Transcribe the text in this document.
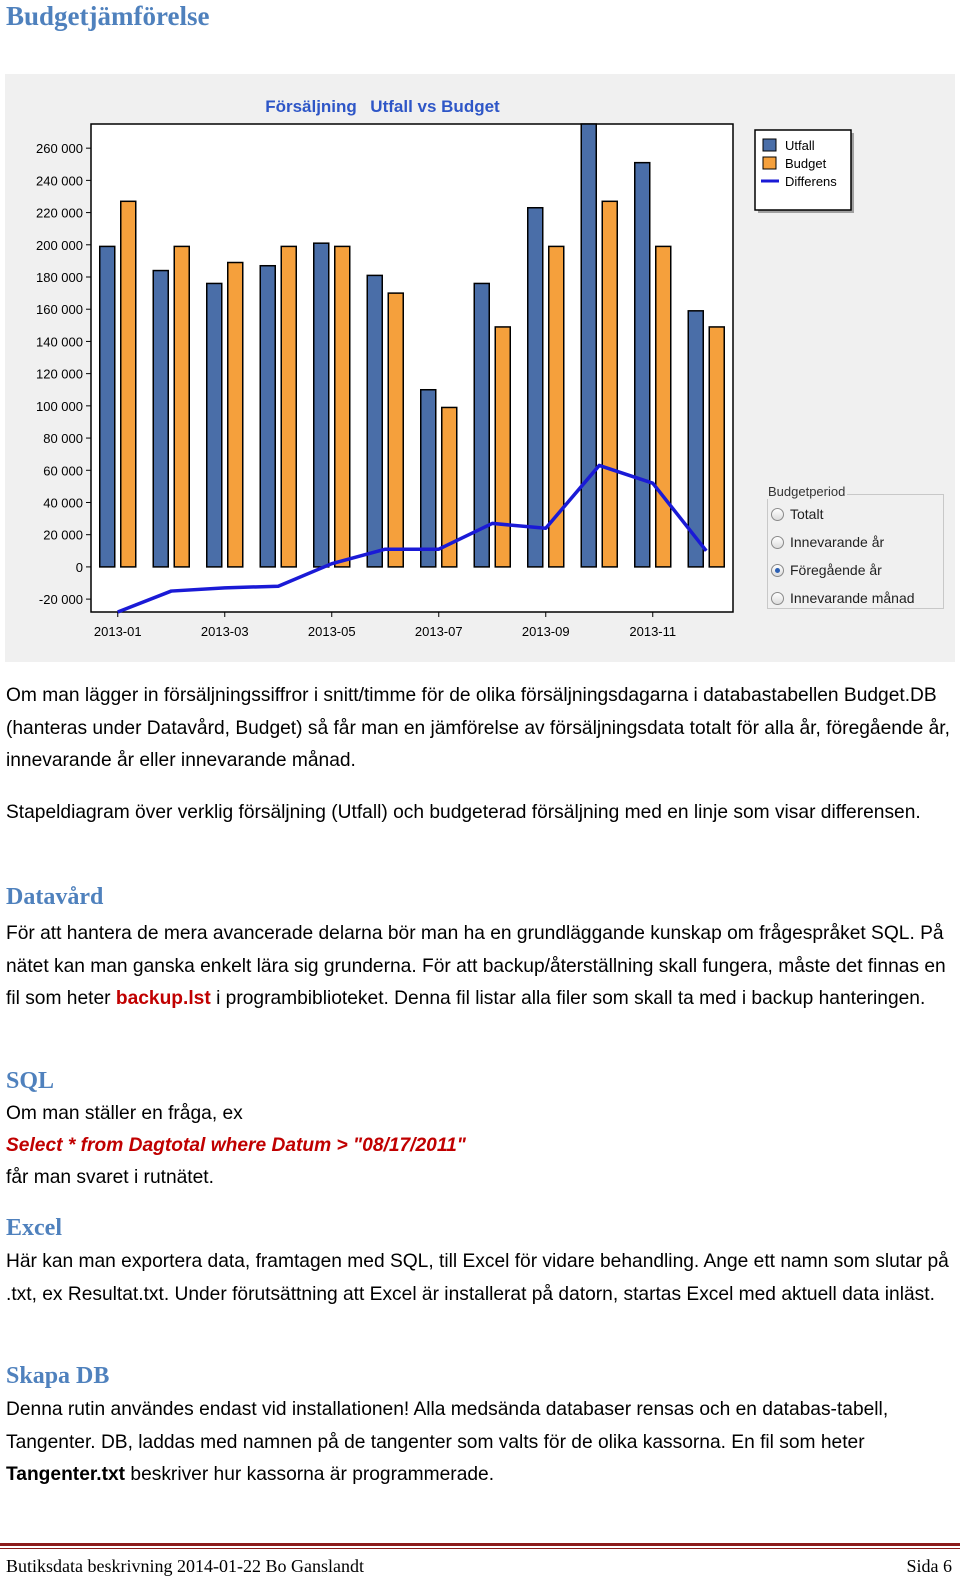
Budgetjämförelse
Försäljning Utfall vs Budget
-20 000
0
20 000
40 000
60 000
80 000
100 000
120 000
140 000
160 000
180 000
200 000
220 000
240 000
260 000
2013-01	2013-03	2013-05	2013-07	2013-09	2013-11
Utfall
Budget
Differens
Budgetperiod
Totalt
Innevarande år
Föregående år
Innevarande månad

Om man lägger in försäljningssiffror i snitt/timme för de olika försäljningsdagarna i databastabellen Budget.DB (hanteras under Datavård, Budget) så får man en jämförelse av försäljningsdata totalt för alla år, föregående år, innevarande år eller innevarande månad.

Stapeldiagram över verklig försäljning (Utfall) och budgeterad försäljning med en linje som visar differensen.

Datavård

För att hantera de mera avancerade delarna bör man ha en grundläggande kunskap om frågespråket SQL. På nätet kan man ganska enkelt lära sig grunderna. För att backup/återställning skall fungera, måste det finnas en fil som heter backup.lst i programbiblioteket. Denna fil listar alla filer som skall ta med i backup hanteringen.

SQL

Om man ställer en fråga, ex

Select * from Dagtotal where Datum > "08/17/2011"

får man svaret i rutnätet.

Excel

Här kan man exportera data, framtagen med SQL, till Excel för vidare behandling. Ange ett namn som slutar på .txt, ex Resultat.txt. Under förutsättning att Excel är installerat på datorn, startas Excel med aktuell data inläst.

Skapa DB

Denna rutin användes endast vid installationen! Alla medsända databaser rensas och en databas-tabell, Tangenter. DB, laddas med namnen på de tangenter som valts för de olika kassorna. En fil som heter Tangenter.txt beskriver hur kassorna är programmerade.

Butiksdata beskrivning 2014-01-22 Bo Ganslandt	Sida 6
